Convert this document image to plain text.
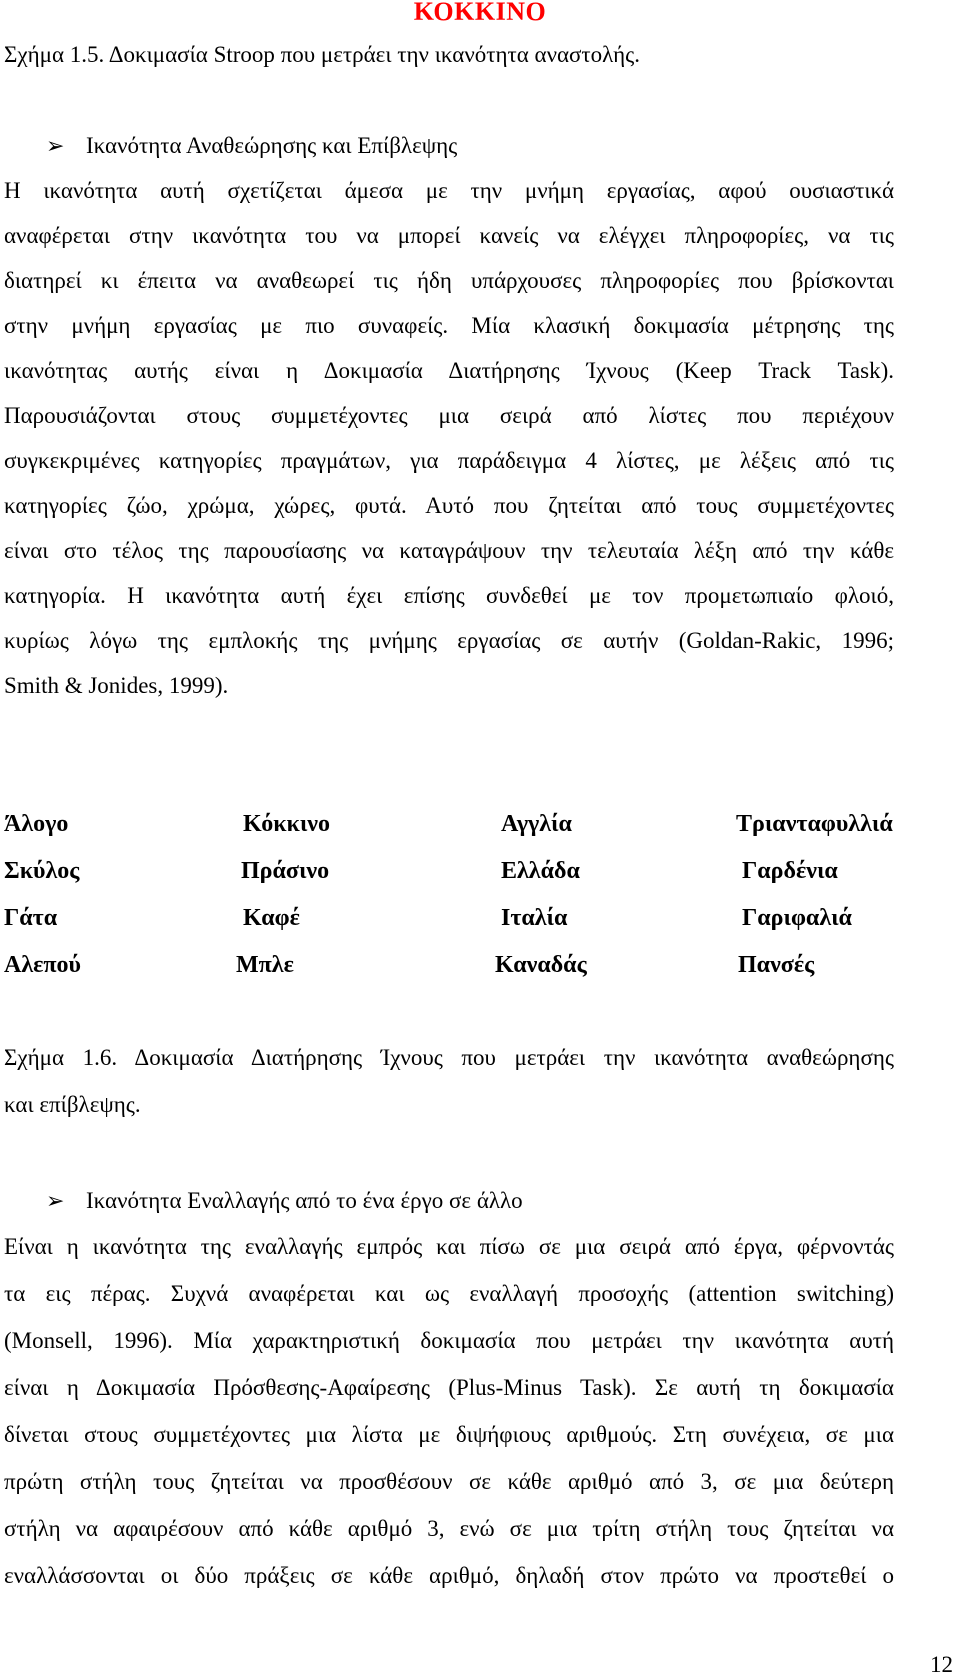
ΚΟΚΚΙΝΟ
Σχήμα 1.5. Δοκιμασία Stroop που μετράει την ικανότητα αναστολής.
➢ Ικανότητα Αναθεώρησης και Επίβλεψης
Η ικανότητα αυτή σχετίζεται άμεσα με την μνήμη εργασίας, αφού ουσιαστικά
αναφέρεται στην ικανότητα του να μπορεί κανείς να ελέγχει πληροφορίες, να τις
διατηρεί κι έπειτα να αναθεωρεί τις ήδη υπάρχουσες πληροφορίες που βρίσκονται
στην μνήμη εργασίας με πιο συναφείς. Μία κλασική δοκιμασία μέτρησης της
ικανότητας αυτής είναι η Δοκιμασία Διατήρησης Ίχνους (Keep Track Task).
Παρουσιάζονται στους συμμετέχοντες μια σειρά από λίστες που περιέχουν
συγκεκριμένες κατηγορίες πραγμάτων, για παράδειγμα 4 λίστες, με λέξεις από τις
κατηγορίες ζώο, χρώμα, χώρες, φυτά. Αυτό που ζητείται από τους συμμετέχοντες
είναι στο τέλος της παρουσίασης να καταγράψουν την τελευταία λέξη από την κάθε
κατηγορία. Η ικανότητα αυτή έχει επίσης συνδεθεί με τον προμετωπιαίο φλοιό,
κυρίως λόγω της εμπλοκής της μνήμης εργασίας σε αυτήν (Goldan-Rakic, 1996;
Smith & Jonides, 1999).
Άλογο	Κόκκινο	Αγγλία	Τριανταφυλλιά
Σκύλος	Πράσινο	Ελλάδα	Γαρδένια
Γάτα	Καφέ	Ιταλία	Γαριφαλιά
Αλεπού	Μπλε	Καναδάς	Πανσές
Σχήμα 1.6. Δοκιμασία Διατήρησης Ίχνους που μετράει την ικανότητα αναθεώρησης
και επίβλεψης.
➢ Ικανότητα Εναλλαγής από το ένα έργο σε άλλο
Είναι η ικανότητα της εναλλαγής εμπρός και πίσω σε μια σειρά από έργα, φέρνοντάς
τα εις πέρας. Συχνά αναφέρεται και ως εναλλαγή προσοχής (attention switching)
(Monsell, 1996). Μία χαρακτηριστική δοκιμασία που μετράει την ικανότητα αυτή
είναι η Δοκιμασία Πρόσθεσης-Αφαίρεσης (Plus-Minus Task). Σε αυτή τη δοκιμασία
δίνεται στους συμμετέχοντες μια λίστα με διψήφιους αριθμούς. Στη συνέχεια, σε μια
πρώτη στήλη τους ζητείται να προσθέσουν σε κάθε αριθμό από 3, σε μια δεύτερη
στήλη να αφαιρέσουν από κάθε αριθμό 3, ενώ σε μια τρίτη στήλη τους ζητείται να
εναλλάσσονται οι δύο πράξεις σε κάθε αριθμό, δηλαδή στον πρώτο να προστεθεί ο
12
